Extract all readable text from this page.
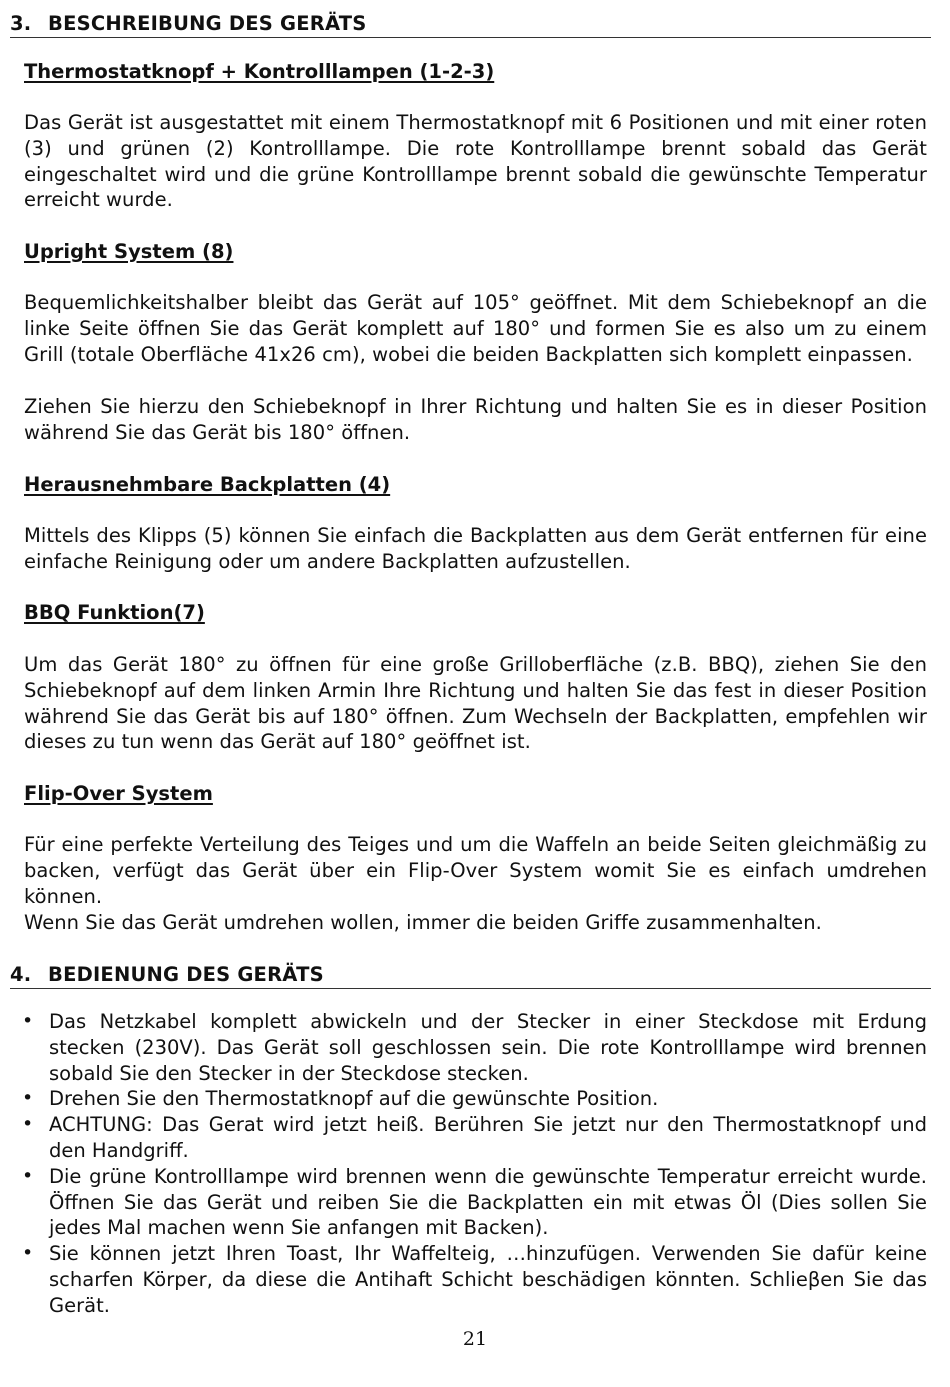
3. BESCHREIBUNG DES GERÄTS
Thermostatknopf + Kontrolllampen (1-2-3)

Das Gerät ist ausgestattet mit einem Thermostatknopf mit 6 Positionen und mit einer roten (3) und grünen (2) Kontrolllampe. Die rote Kontrolllampe brennt sobald das Gerät eingeschaltet wird und die grüne Kontrolllampe brennt sobald die gewünschte Temperatur erreicht wurde.

Upright System (8)

Bequemlichkeitshalber bleibt das Gerät auf 105° geöffnet. Mit dem Schiebeknopf an die linke Seite öffnen Sie das Gerät komplett auf 180° und formen Sie es also um zu einem Grill (totale Oberfläche 41x26 cm), wobei die beiden Backplatten sich komplett einpassen.

Ziehen Sie hierzu den Schiebeknopf in Ihrer Richtung und halten Sie es in dieser Position während Sie das Gerät bis 180° öffnen.

Herausnehmbare Backplatten (4)

Mittels des Klipps (5) können Sie einfach die Backplatten aus dem Gerät entfernen für eine einfache Reinigung oder um andere Backplatten aufzustellen.

BBQ Funktion(7)

Um das Gerät 180° zu öffnen für eine große Grilloberfläche (z.B. BBQ), ziehen Sie den Schiebeknopf auf dem linken Armin Ihre Richtung und halten Sie das fest in dieser Position während Sie das Gerät bis auf 180° öffnen. Zum Wechseln der Backplatten, empfehlen wir dieses zu tun wenn das Gerät auf 180° geöffnet ist.

Flip-Over System

Für eine perfekte Verteilung des Teiges und um die Waffeln an beide Seiten gleichmäßig zu backen, verfügt das Gerät über ein Flip-Over System womit Sie es einfach umdrehen können.

Wenn Sie das Gerät umdrehen wollen, immer die beiden Griffe zusammenhalten.

4. BEDIENUNG DES GERÄTS
• Das Netzkabel komplett abwickeln und der Stecker in einer Steckdose mit Erdung stecken (230V). Das Gerät soll geschlossen sein. Die rote Kontrolllampe wird brennen sobald Sie den Stecker in der Steckdose stecken.
• Drehen Sie den Thermostatknopf auf die gewünschte Position.
• ACHTUNG: Das Gerat wird jetzt heiß. Berühren Sie jetzt nur den Thermostatknopf und den Handgriff.
• Die grüne Kontrolllampe wird brennen wenn die gewünschte Temperatur erreicht wurde. Öffnen Sie das Gerät und reiben Sie die Backplatten ein mit etwas Öl (Dies sollen Sie jedes Mal machen wenn Sie anfangen mit Backen).
• Sie können jetzt Ihren Toast, Ihr Waffelteig, …hinzufügen. Verwenden Sie dafür keine scharfen Körper, da diese die Antihaft Schicht beschädigen könnten. Schlieβen Sie das Gerät.
21
